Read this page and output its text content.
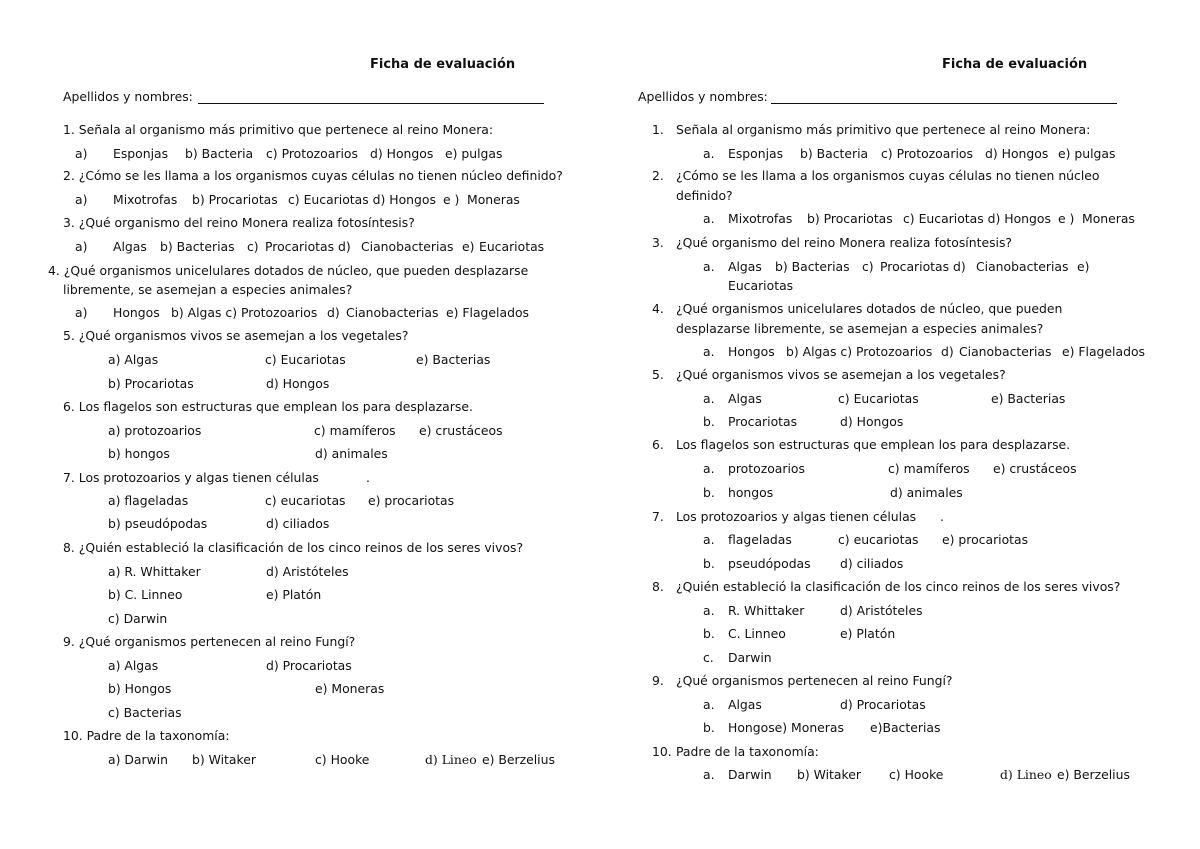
Ficha de evaluación
Apellidos y nombres:
1. Señala al organismo más primitivo que pertenece al reino Monera:
a) Esponjas b) Bacteria c) Protozoarios d) Hongos e) pulgas
2. ¿Cómo se les llama a los organismos cuyas células no tienen núcleo definido?
a) Mixotrofas b) Procariotas c) Eucariotas d) Hongos e ) Moneras
3. ¿Qué organismo del reino Monera realiza fotosíntesis?
a) Algas b) Bacterias c) Procariotas d) Cianobacterias e) Eucariotas
4. ¿Qué organismos unicelulares dotados de núcleo, que pueden desplazarse
libremente, se asemejan a especies animales?
a) Hongos b) Algas c) Protozoarios d) Cianobacterias e) Flagelados
5. ¿Qué organismos vivos se asemejan a los vegetales?
a) Algas	c) Eucariotas	e) Bacterias
b) Procariotas	d) Hongos
6. Los flagelos son estructuras que emplean los para desplazarse.
a) protozoarios	c) mamíferos e) crustáceos
b) hongos	d) animales
7. Los protozoarios y algas tienen células	.
a) flageladas	c) eucariotas e) procariotas
b) pseudópodas	d) ciliados
8. ¿Quién estableció la clasificación de los cinco reinos de los seres vivos?
a) R. Whittaker	d) Aristóteles
b) C. Linneo	e) Platón
c) Darwin
9. ¿Qué organismos pertenecen al reino Fungí?
a) Algas	d) Procariotas
b) Hongos	e) Moneras
c) Bacterias
10. Padre de la taxonomía:
a) Darwin b) Witaker	c) Hooke	d) Lineo e) Berzelius
Ficha de evaluación
Apellidos y nombres:
1. Señala al organismo más primitivo que pertenece al reino Monera:
a. Esponjas b) Bacteria c) Protozoarios d) Hongos e) pulgas
2. ¿Cómo se les llama a los organismos cuyas células no tienen núcleo
definido?
a. Mixotrofas b) Procariotas c) Eucariotas d) Hongos e ) Moneras
3. ¿Qué organismo del reino Monera realiza fotosíntesis?
a. Algas b) Bacterias c) Procariotas d) Cianobacterias e)
Eucariotas
4. ¿Qué organismos unicelulares dotados de núcleo, que pueden
desplazarse libremente, se asemejan a especies animales?
a. Hongos b) Algas c) Protozoarios d) Cianobacterias e) Flagelados
5. ¿Qué organismos vivos se asemejan a los vegetales?
a. Algas	c) Eucariotas	e) Bacterias
b. Procariotas	d) Hongos
6. Los flagelos son estructuras que emplean los para desplazarse.
a. protozoarios	c) mamíferos e) crustáceos
b. hongos	d) animales
7. Los protozoarios y algas tienen células .
a. flageladas	c) eucariotas e) procariotas
b. pseudópodas d) ciliados
8. ¿Quién estableció la clasificación de los cinco reinos de los seres vivos?
a. R. Whittaker	d) Aristóteles
b. C. Linneo	e) Platón
c. Darwin
9. ¿Qué organismos pertenecen al reino Fungí?
a. Algas	d) Procariotas
b. Hongose) Moneras e)Bacterias
10. Padre de la taxonomía:
a. Darwin b) Witaker c) Hooke	d) Lineo e) Berzelius
